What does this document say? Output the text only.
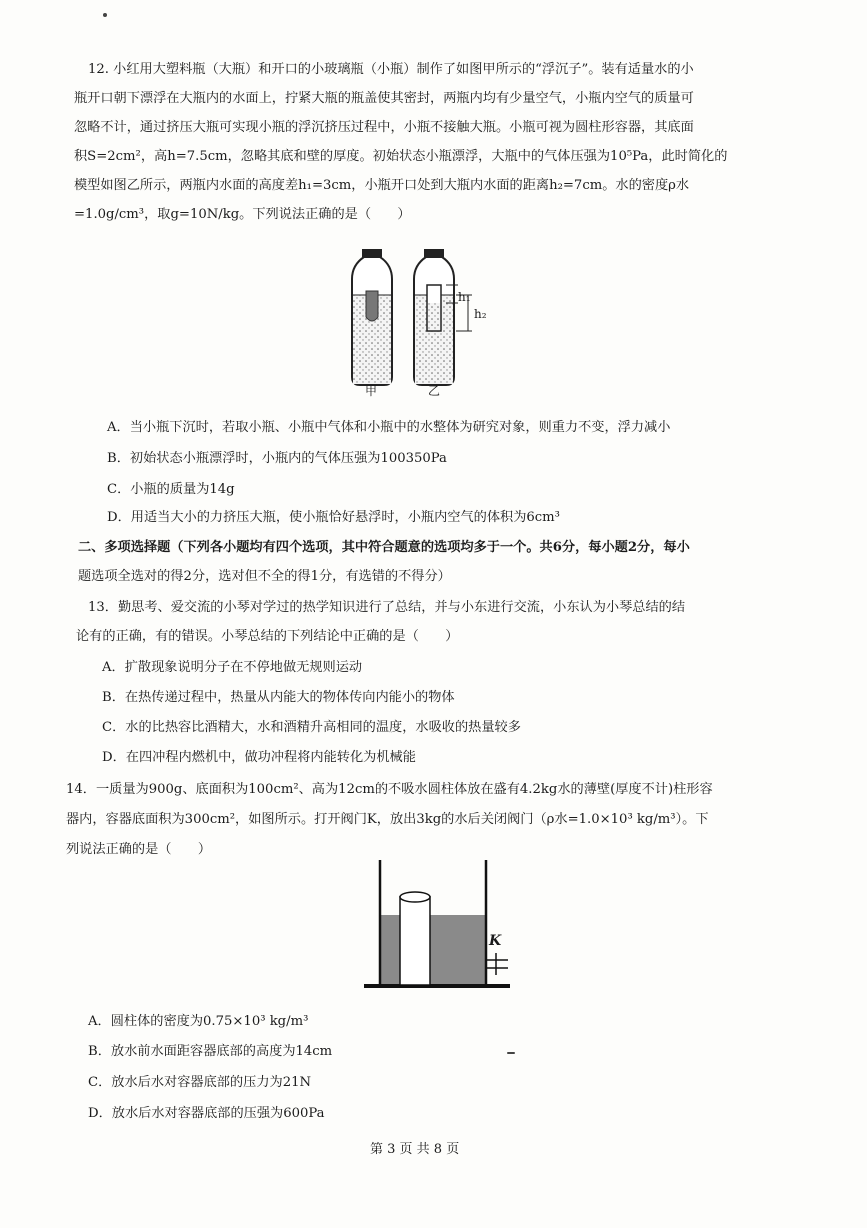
12. 小红用大塑料瓶（大瓶）和开口的小玻璃瓶（小瓶）制作了如图甲所示的“浮沉子”。装有适量水的小
瓶开口朝下漂浮在大瓶内的水面上，拧紧大瓶的瓶盖使其密封，两瓶内均有少量空气，小瓶内空气的质量可
忽略不计，通过挤压大瓶可实现小瓶的浮沉挤压过程中，小瓶不接触大瓶。小瓶可视为圆柱形容器，其底面
积S=2cm²，高h=7.5cm，忽略其底和壁的厚度。初始状态小瓶漂浮，大瓶中的气体压强为10⁵Pa，此时简化的
模型如图乙所示，两瓶内水面的高度差h₁=3cm，小瓶开口处到大瓶内水面的距离h₂=7cm。水的密度ρ水
=1.0g/cm³，取g=10N/kg。下列说法正确的是（　　）
h₁
h₂
甲	乙
A．当小瓶下沉时，若取小瓶、小瓶中气体和小瓶中的水整体为研究对象，则重力不变，浮力减小
B．初始状态小瓶漂浮时，小瓶内的气体压强为100350Pa
C．小瓶的质量为14g
D．用适当大小的力挤压大瓶，使小瓶恰好悬浮时，小瓶内空气的体积为6cm³
二、多项选择题（下列各小题均有四个选项，其中符合题意的选项均多于一个。共6分，每小题2分，每小
题选项全选对的得2分，选对但不全的得1分，有选错的不得分）
13．勤思考、爱交流的小琴对学过的热学知识进行了总结，并与小东进行交流，小东认为小琴总结的结
论有的正确，有的错误。小琴总结的下列结论中正确的是（　　）
A．扩散现象说明分子在不停地做无规则运动
B．在热传递过程中，热量从内能大的物体传向内能小的物体
C．水的比热容比酒精大，水和酒精升高相同的温度，水吸收的热量较多
D．在四冲程内燃机中，做功冲程将内能转化为机械能
14．一质量为900g、底面积为100cm²、高为12cm的不吸水圆柱体放在盛有4.2kg水的薄壁(厚度不计)柱形容
器内，容器底面积为300cm²，如图所示。打开阀门K，放出3kg的水后关闭阀门（ρ水=1.0×10³ kg/m³）。下
列说法正确的是（　　）
K
A．圆柱体的密度为0.75×10³ kg/m³
B．放水前水面距容器底部的高度为14cm
C．放水后水对容器底部的压力为21N
D．放水后水对容器底部的压强为600Pa
第 3 页 共 8 页
